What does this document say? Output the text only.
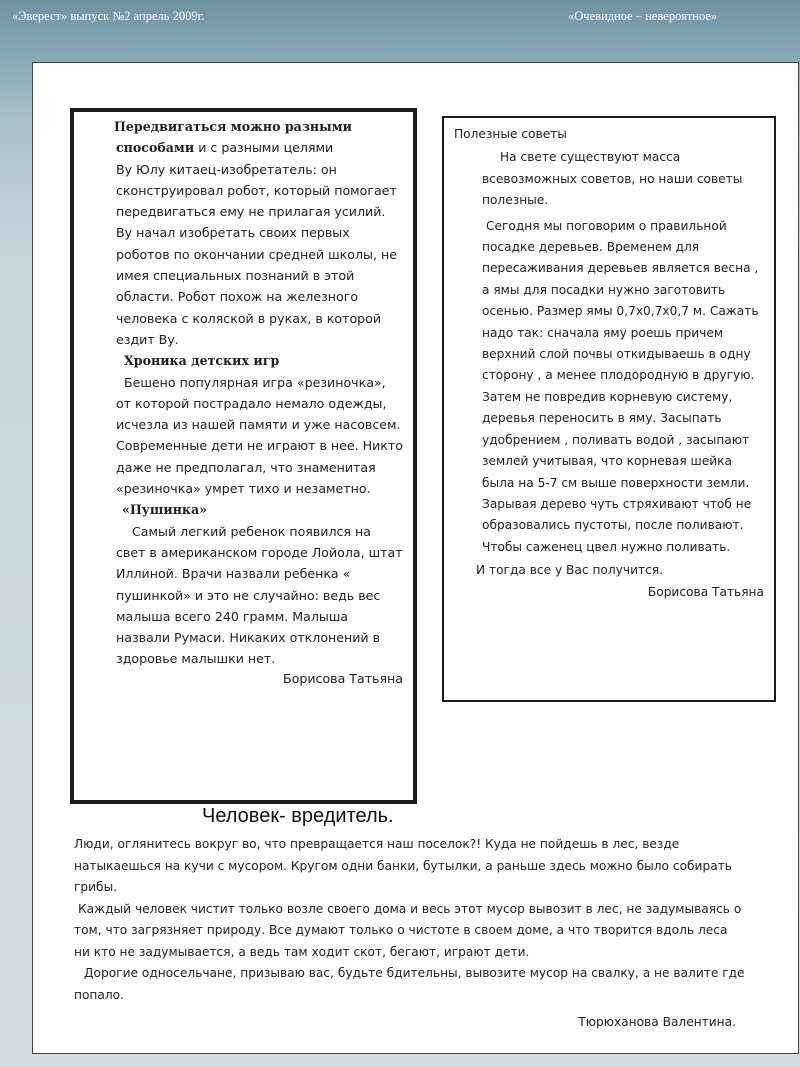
«Эверест» выпуск №2 апрель 2009г.	«Очевидное – невероятное»

Передвигаться можно разными способами и с разными целями

Ву Юлу китаец-изобретатель: он сконструировал робот, который помогает передвигаться ему не прилагая усилий. Ву начал изобретать своих первых роботов по окончании средней школы, не имея специальных познаний в этой области. Робот похож на железного человека с коляской в руках, в которой ездит Ву.

Хроника детских игр

Бешено популярная игра «резиночка», от которой пострадало немало одежды, исчезла из нашей памяти и уже насовсем. Современные дети не играют в нее. Никто даже не предполагал, что знаменитая «резиночка» умрет тихо и незаметно.

«Пушинка»

Самый легкий ребенок появился на свет в американском городе Лойола, штат Иллиной. Врачи назвали ребенка « пушинкой» и это не случайно: ведь вес малыша всего 240 грамм. Малыша назвали Румаси. Никаких отклонений в здоровье малышки нет.

Борисова Татьяна

Полезные советы

На свете существуют масса всевозможных советов, но наши советы полезные.

Сегодня мы поговорим о правильной посадке деревьев. Временем для пересаживания деревьев является весна , а ямы для посадки нужно заготовить осенью. Размер ямы 0,7х0,7х0,7 м. Сажать надо так: сначала яму роешь причем верхний слой почвы откидываешь в одну сторону , а менее плодородную в другую. Затем не повредив корневую систему, деревья переносить в яму. Засыпать удобрением , поливать водой , засыпают землей учитывая, что корневая шейка была на 5-7 см выше поверхности земли. Зарывая дерево чуть стряхивают чтоб не образовались пустоты, после поливают. Чтобы саженец цвел нужно поливать.

И тогда все у Вас получится.

Борисова Татьяна

Человек- вредитель.

Люди, оглянитесь вокруг во, что превращается наш поселок?! Куда не пойдешь в лес, везде натыкаешься на кучи с мусором. Кругом одни банки, бутылки, а раньше здесь можно было собирать грибы.

Каждый человек чистит только возле своего дома и весь этот мусор вывозит в лес, не задумываясь о том, что загрязняет природу. Все думают только о чистоте в своем доме, а что творится вдоль леса ни кто не задумывается, а ведь там ходит скот, бегают, играют дети.

Дорогие односельчане, призываю вас, будьте бдительны, вывозите мусор на свалку, а не валите где попало.

Тюрюханова Валентина.
